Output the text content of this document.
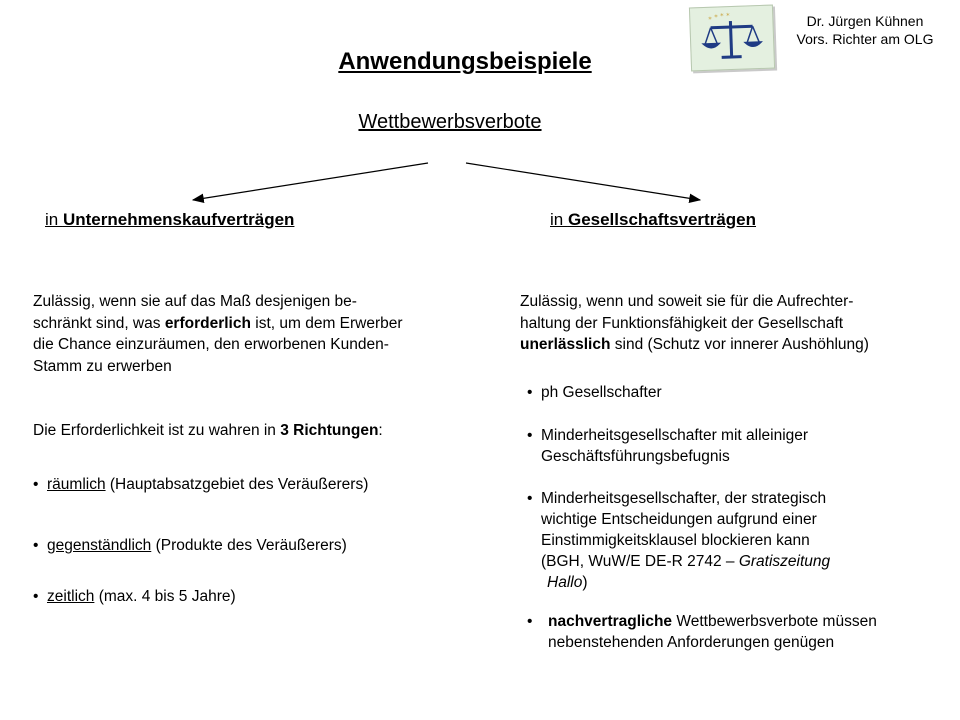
* * * *	Dr. Jürgen Kühnen
Vors. Richter am OLG
Anwendungsbeispiele
Wettbewerbsverbote
in Unternehmenskaufverträgen
Zulässig, wenn sie auf das Maß desjenigen be-
schränkt sind, was erforderlich ist, um dem Erwerber
die Chance einzuräumen, den erworbenen Kunden-
Stamm zu erwerben
Die Erforderlichkeit ist zu wahren in 3 Richtungen:
• räumlich (Hauptabsatzgebiet des Veräußerers)
• gegenständlich (Produkte des Veräußerers)
• zeitlich (max. 4 bis 5 Jahre)
in Gesellschaftsverträgen
Zulässig, wenn und soweit sie für die Aufrechter-
haltung der Funktionsfähigkeit der Gesellschaft
unerlässlich sind (Schutz vor innerer Aushöhlung)
• ph Gesellschafter
• Minderheitsgesellschafter mit alleiniger
Geschäftsführungsbefugnis
• Minderheitsgesellschafter, der strategisch
wichtige Entscheidungen aufgrund einer
Einstimmigkeitsklausel blockieren kann
(BGH, WuW/E DE-R 2742 – Gratiszeitung
Hallo)
• nachvertragliche Wettbewerbsverbote müssen
nebenstehenden Anforderungen genügen
